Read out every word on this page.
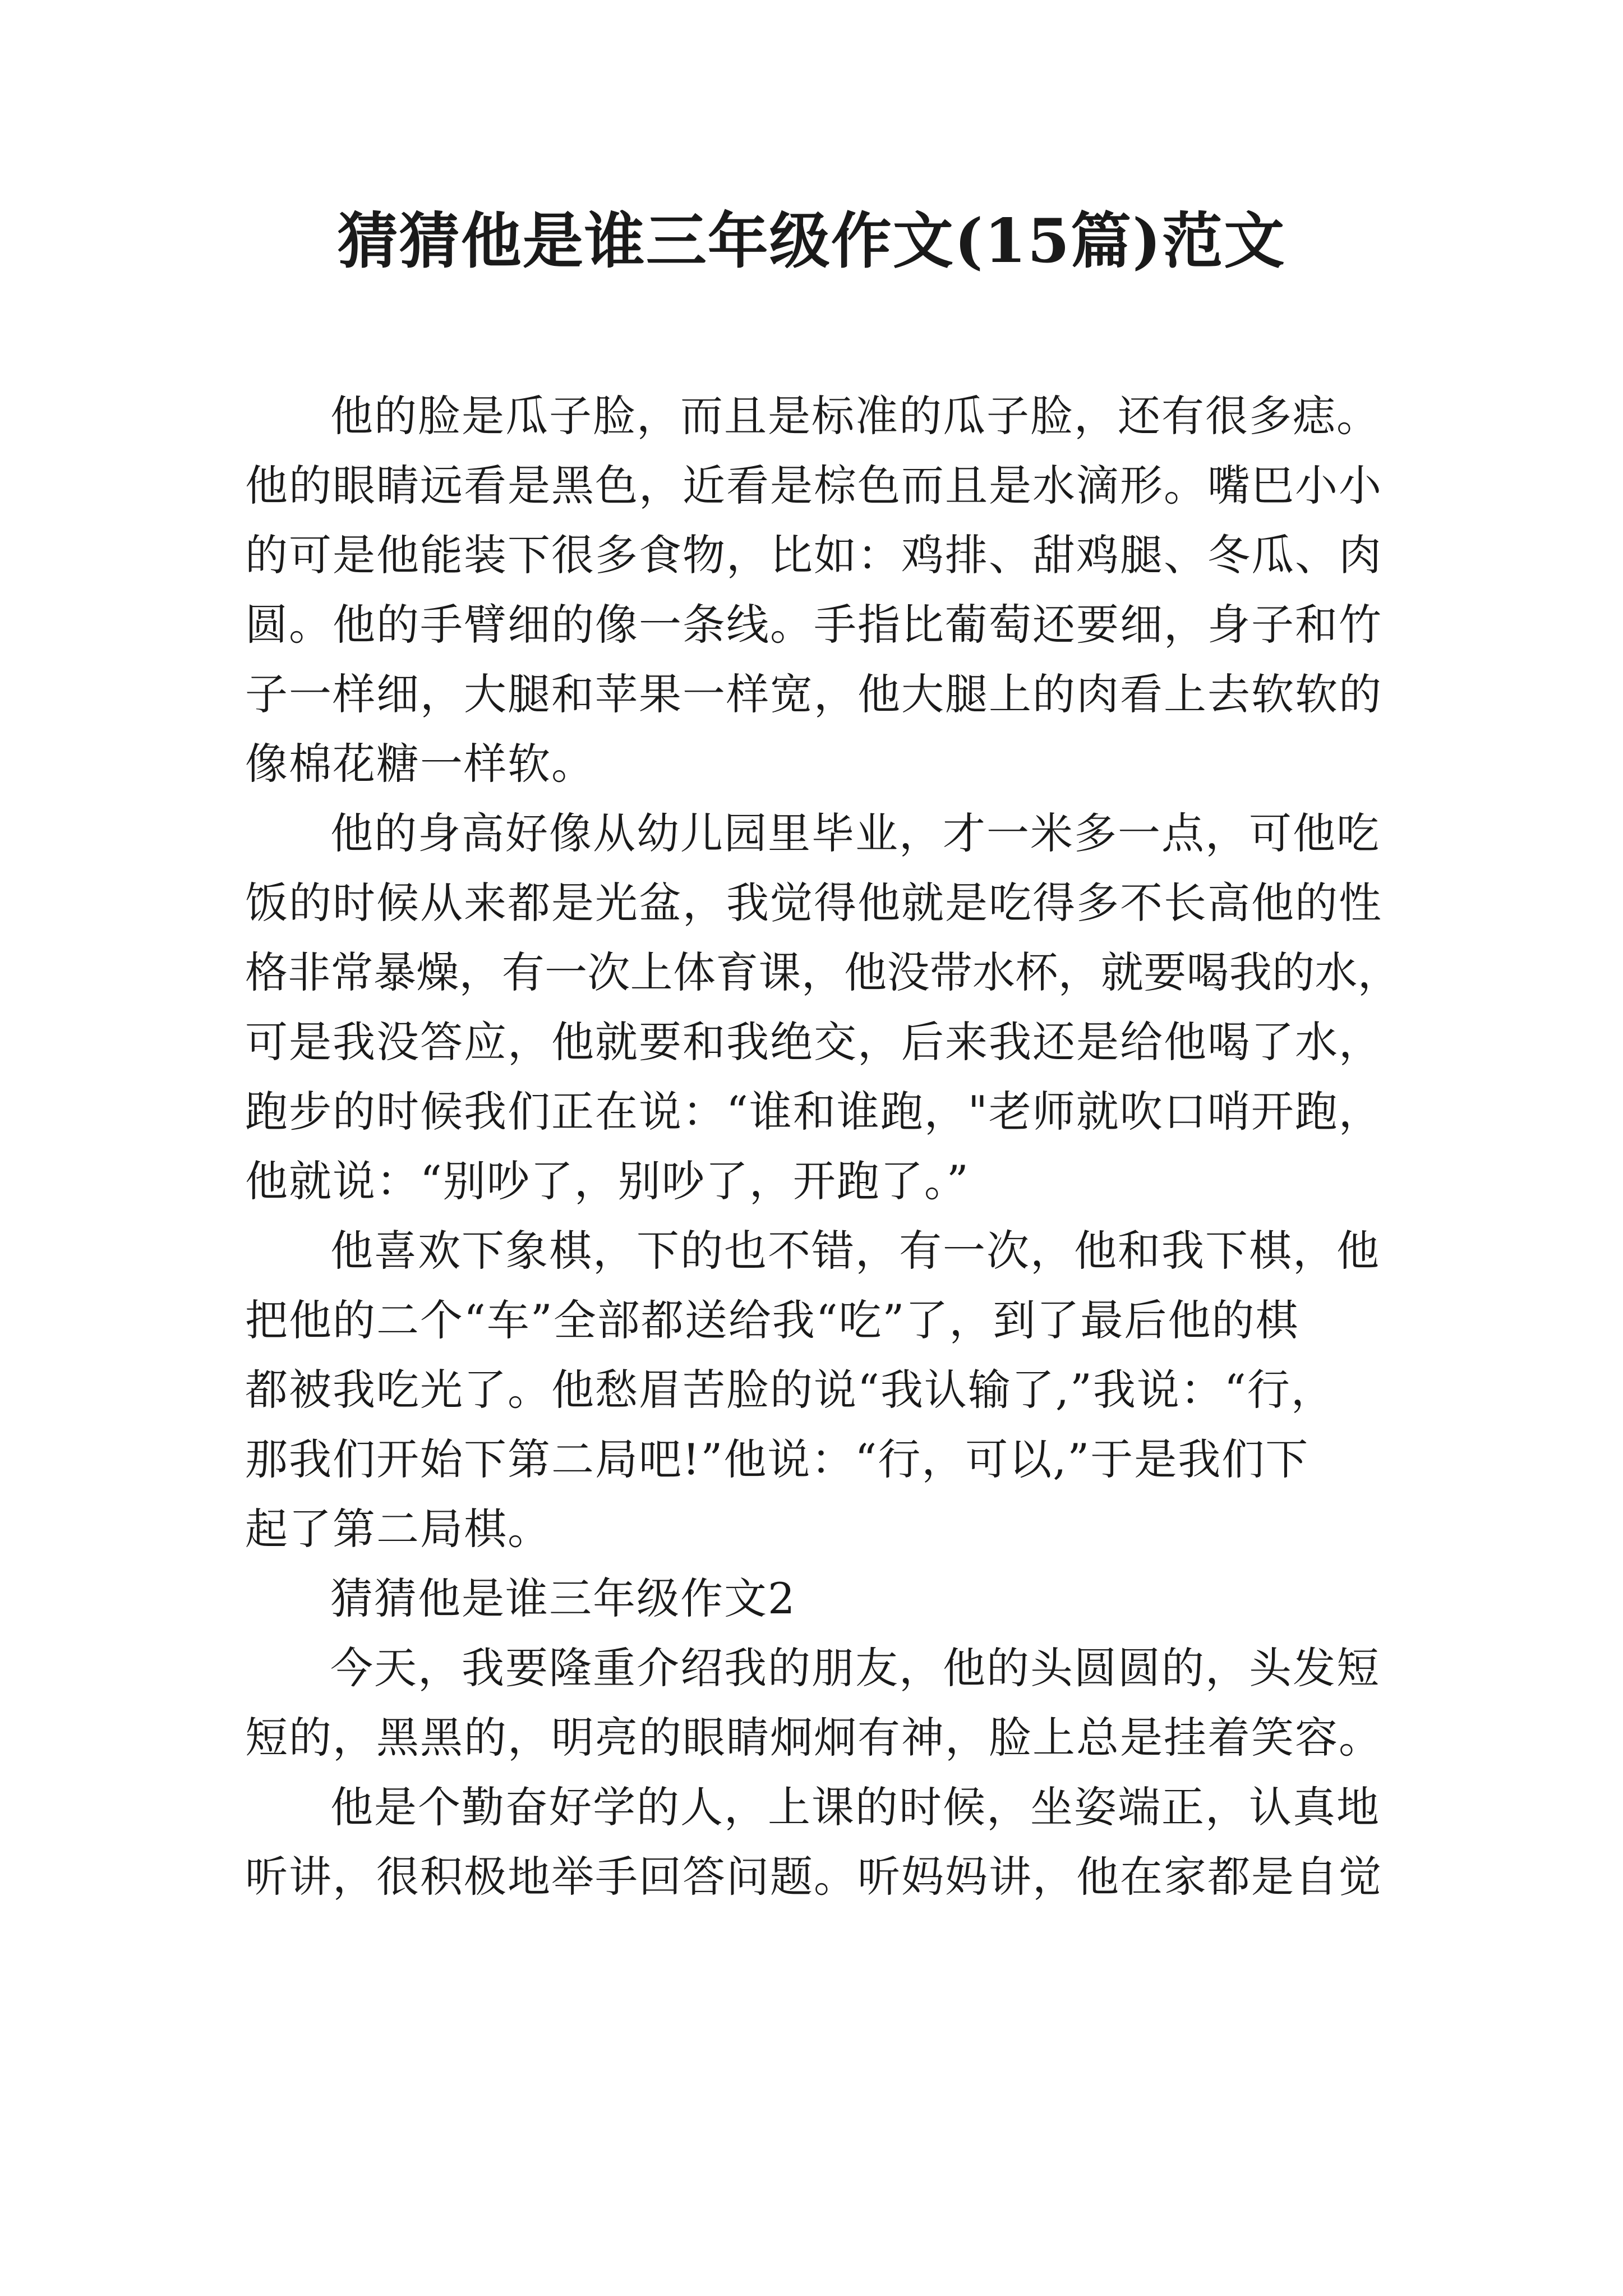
猜猜他是谁三年级作文(15篇)范文
他的脸是瓜子脸，而且是标准的瓜子脸，还有很多痣。
他的眼睛远看是黑色，近看是棕色而且是水滴形。嘴巴小小
的可是他能装下很多食物，比如：鸡排、甜鸡腿、冬瓜、肉
圆。他的手臂细的像一条线。手指比葡萄还要细，身子和竹
子一样细，大腿和苹果一样宽，他大腿上的肉看上去软软的
像棉花糖一样软。
他的身高好像从幼儿园里毕业，才一米多一点，可他吃
饭的时候从来都是光盆，我觉得他就是吃得多不长高他的性
格非常暴燥，有一次上体育课，他没带水杯，就要喝我的水，
可是我没答应，他就要和我绝交，后来我还是给他喝了水，
跑步的时候我们正在说：“谁和谁跑，"老师就吹口哨开跑，
他就说：“别吵了，别吵了，开跑了。”
他喜欢下象棋，下的也不错，有一次，他和我下棋，他
把他的二个“车”全部都送给我“吃”了，到了最后他的棋
都被我吃光了。他愁眉苦脸的说“我认输了,”我说：“行，
那我们开始下第二局吧!”他说：“行，可以,”于是我们下
起了第二局棋。
猜猜他是谁三年级作文2
今天，我要隆重介绍我的朋友，他的头圆圆的，头发短
短的，黑黑的，明亮的眼睛炯炯有神，脸上总是挂着笑容。
他是个勤奋好学的人，上课的时候，坐姿端正，认真地
听讲，很积极地举手回答问题。听妈妈讲，他在家都是自觉
